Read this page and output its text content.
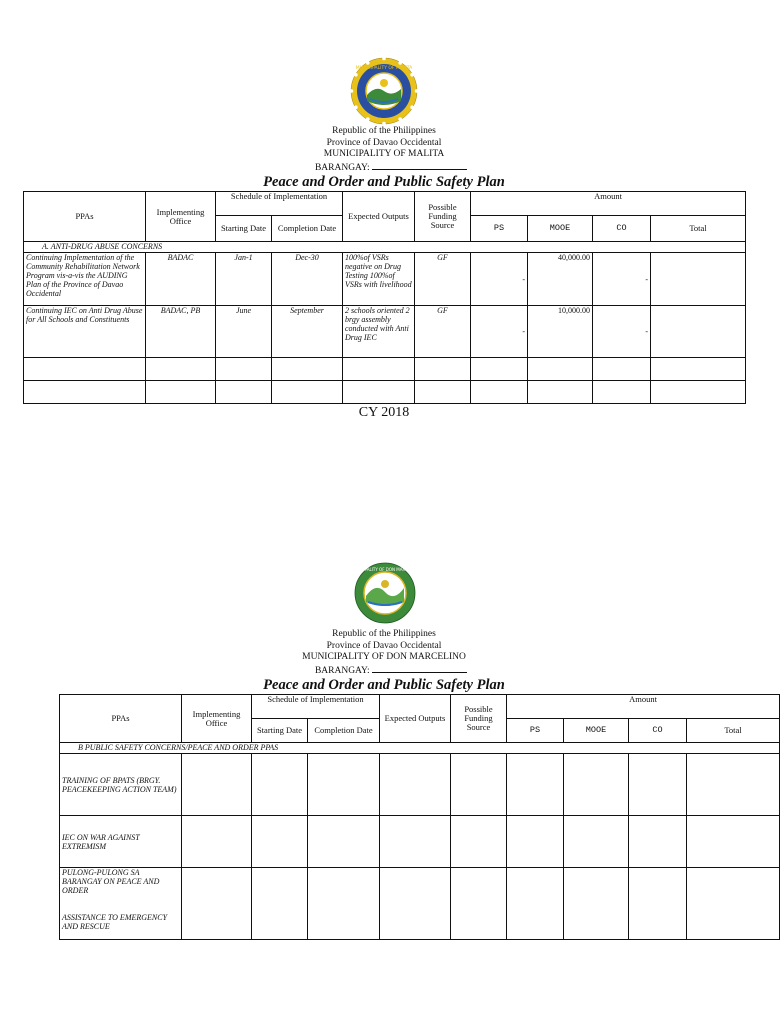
MUNICIPALITY OF MALITA
Republic of the Philippines
Province of Davao Occidental
MUNICIPALITY OF MALITA
BARANGAY:
Peace and Order and Public Safety Plan
PPAs	Implementing Office	Schedule of Implementation		Expected Outputs	Possible Funding Source	Amount			
		Starting Date	Completion Date			PS	MOOE	CO	Total
A. ANTI-DRUG ABUSE CONCERNS									
Continuing Implementation of the Community Rehabilitation Network Program vis-a-vis the AUDING Plan of the Province of Davao Occidental	BADAC	Jan-1	Dec-30	100%of VSRs negative on Drug Testing 100%of VSRs with livelihood	GF	-	40,000.00	-	
Continuing IEC on Anti Drug Abuse for All Schools and Constituents	BADAC, PB	June	September	2 schools oriented 2 brgy assembly conducted with Anti Drug IEC	GF	-	10,000.00	-	

CY 2018
MUNICIPALITY OF DON MARCELINO
Republic of the Philippines
Province of Davao Occidental
MUNICIPALITY OF DON MARCELINO
BARANGAY:
Peace and Order and Public Safety Plan
PPAs	Implementing Office	Schedule of Implementation		Expected Outputs	Possible Funding Source	Amount			
		Starting Date	Completion Date			PS	MOOE	CO	Total
B PUBLIC SAFETY CONCERNS/PEACE AND ORDER PPAS									
TRAINING OF BPATS (BRGY. PEACEKEEPING ACTION TEAM)									
IEC ON WAR AGAINST EXTREMISM									

PULONG-PULONG SA BARANGAY ON PEACE AND ORDER
ASSISTANCE TO EMERGENCY AND RESCUE									
